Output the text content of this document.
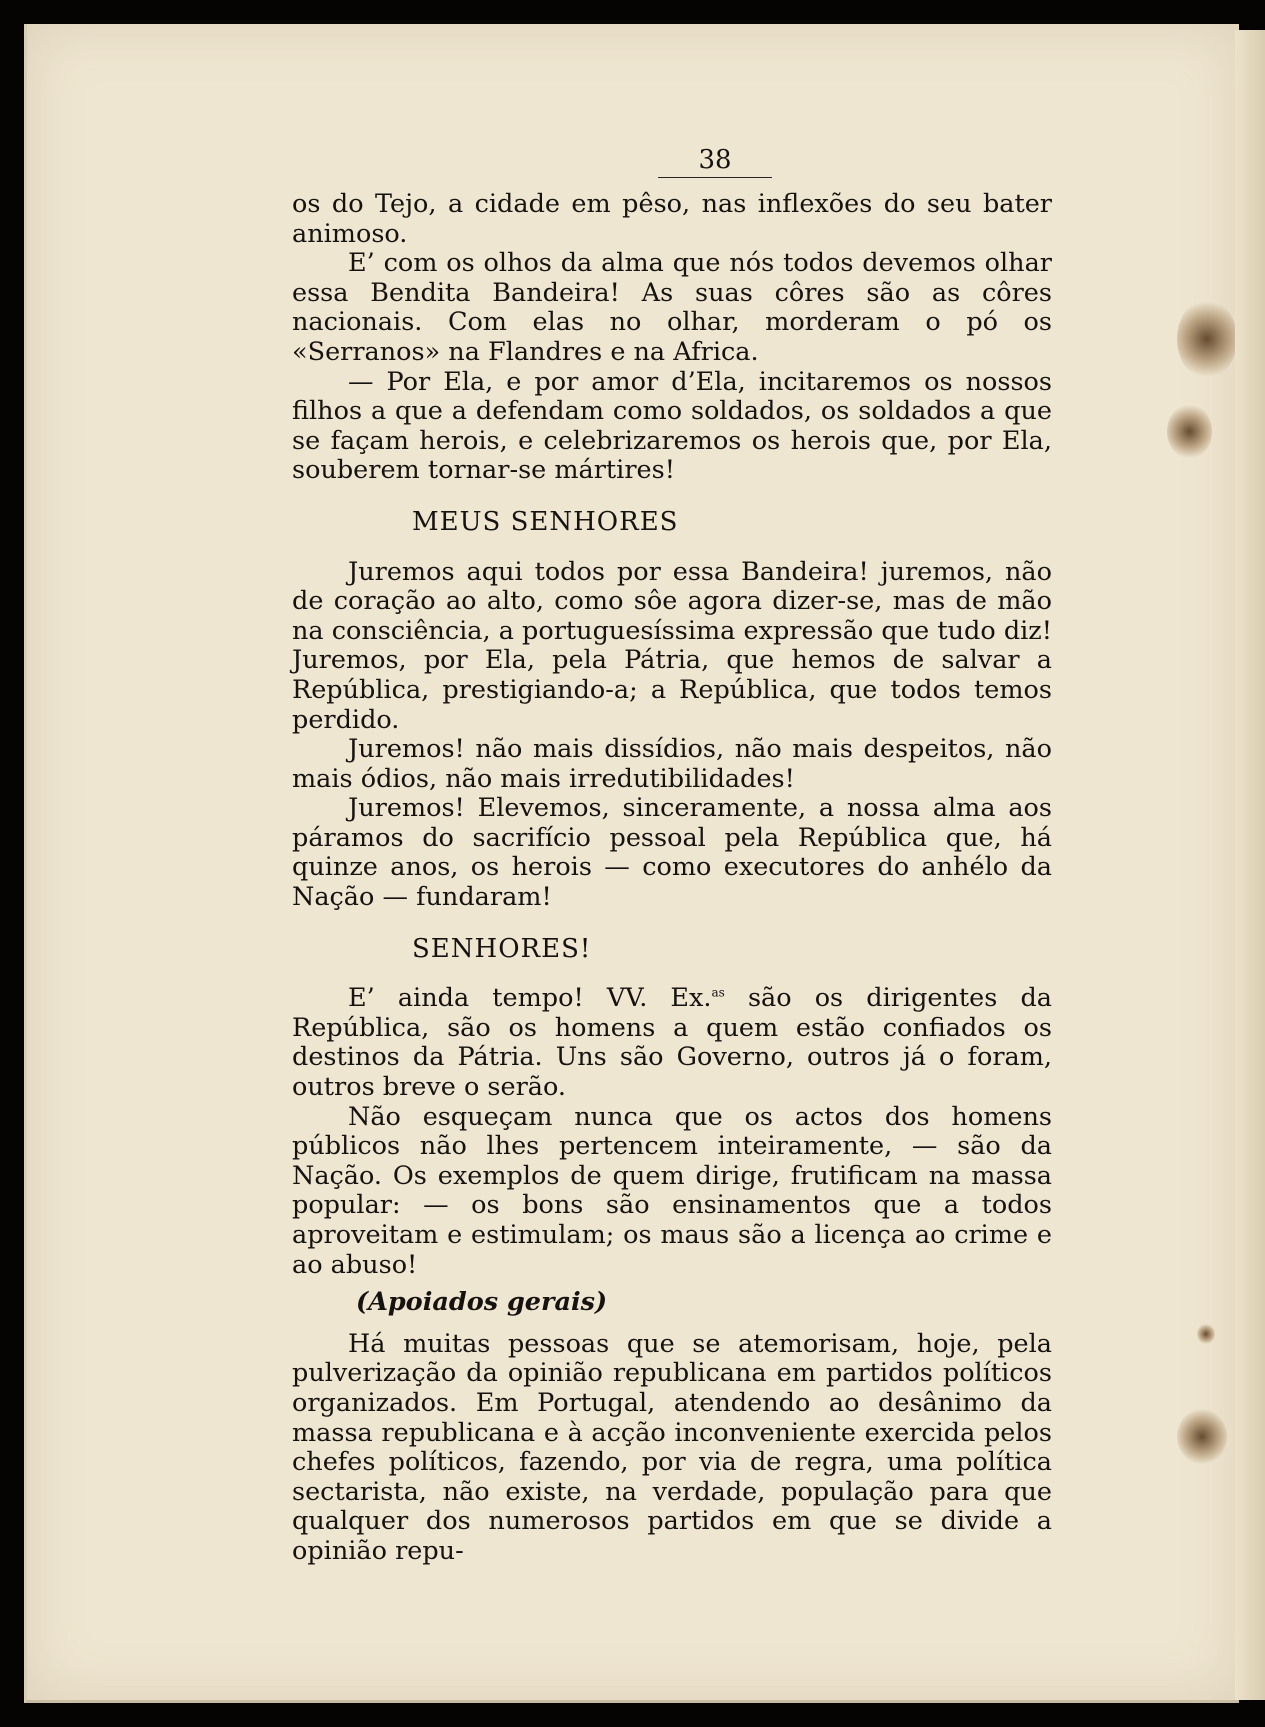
38

os do Tejo, a cidade em pêso, nas inflexões do seu bater animoso.

E’ com os olhos da alma que nós todos devemos olhar essa Bendita Bandeira! As suas côres são as côres nacionais. Com elas no olhar, morderam o pó os «Serranos» na Flandres e na Africa.

— Por Ela, e por amor d’Ela, incitaremos os nossos filhos a que a defendam como soldados, os soldados a que se façam herois, e celebrizaremos os herois que, por Ela, souberem tornar-se mártires!

MEUS SENHORES

Juremos aqui todos por essa Bandeira! juremos, não de coração ao alto, como sôe agora dizer-se, mas de mão na consciência, a portuguesíssima expressão que tudo diz! Juremos, por Ela, pela Pátria, que hemos de salvar a República, prestigiando-a; a República, que todos temos perdido.

Juremos! não mais dissídios, não mais despeitos, não mais ódios, não mais irredutibilidades!

Juremos! Elevemos, sinceramente, a nossa alma aos páramos do sacrifício pessoal pela República que, há quinze anos, os herois — como executores do anhélo da Nação — fundaram!

SENHORES!

E’ ainda tempo! VV. Ex.$^{as}$ são os dirigentes da República, são os homens a quem estão confiados os destinos da Pátria. Uns são Governo, outros já o foram, outros breve o serão.

Não esqueçam nunca que os actos dos homens públicos não lhes pertencem inteiramente, — são da Nação. Os exemplos de quem dirige, frutificam na massa popular: — os bons são ensinamentos que a todos aproveitam e estimulam; os maus são a licença ao crime e ao abuso!

(Apoiados gerais)

Há muitas pessoas que se atemorisam, hoje, pela pulverização da opinião republicana em partidos políticos organizados. Em Portugal, atendendo ao desânimo da massa republicana e à acção inconveniente exercida pelos chefes políticos, fazendo, por via de regra, uma política sectarista, não existe, na verdade, população para que qualquer dos numerosos partidos em que se divide a opinião repu-
